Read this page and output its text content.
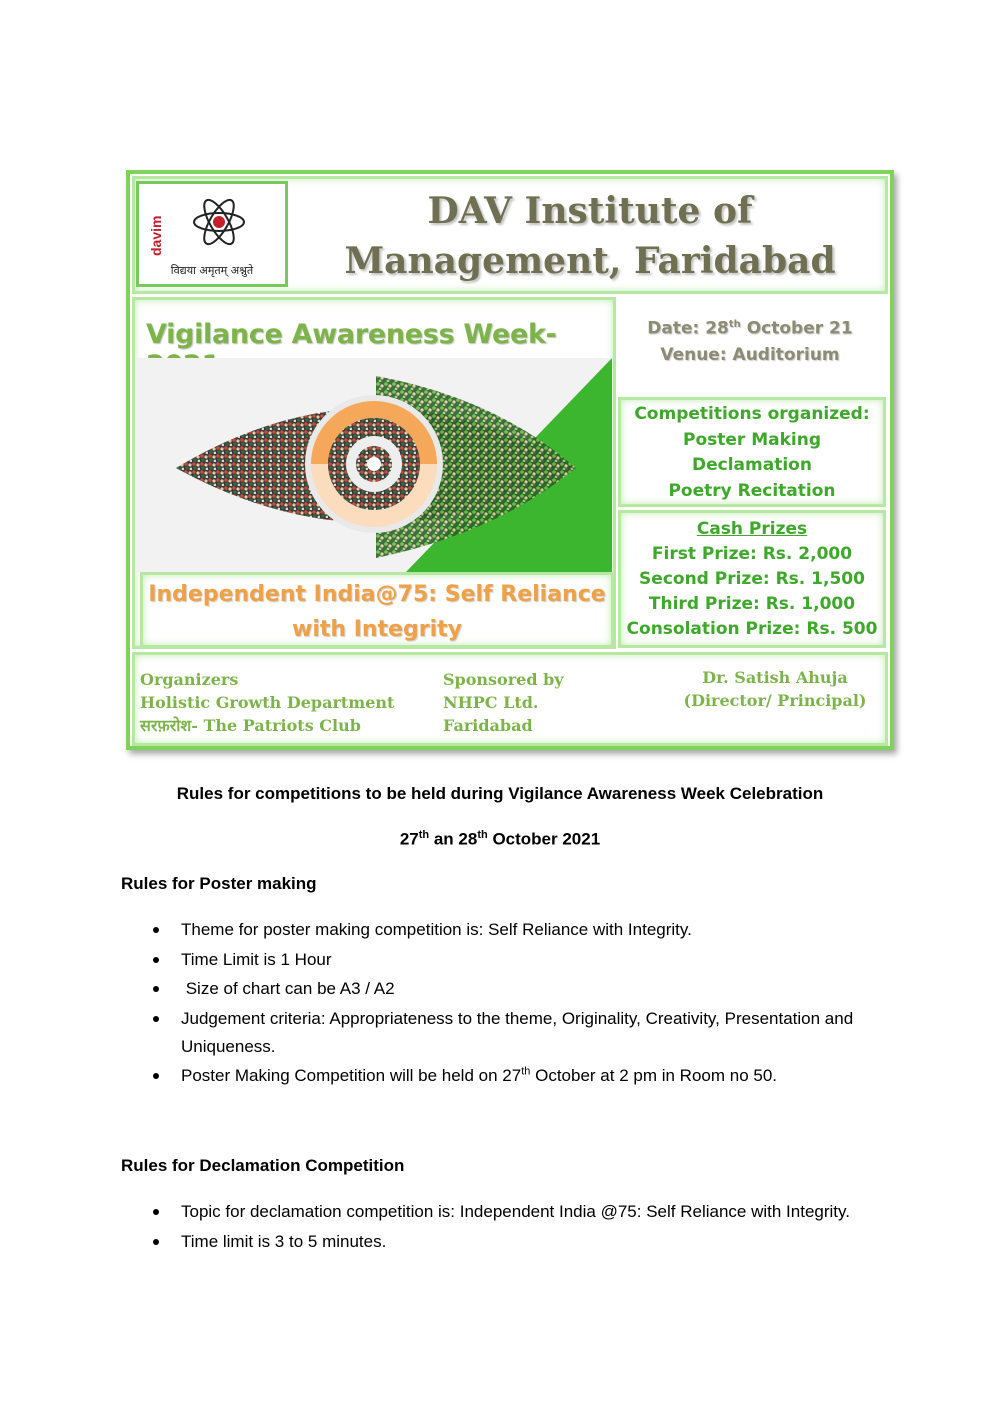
davim
विद्यया अमृतम् अश्नुते
DAV Institute of
Management, Faridabad
Vigilance Awareness Week-
Independent India@75: Self Reliance
with Integrity
Date: 28th October 21
Venue: Auditorium
Competitions organized:
Poster Making
Declamation
Poetry Recitation
Cash Prizes
First Prize: Rs. 2,000
Second Prize: Rs. 1,500
Third Prize: Rs. 1,000
Consolation Prize: Rs. 500
Organizers
Holistic Growth Department
सरफ़रोश- The Patriots Club
Sponsored by
NHPC Ltd.
Faridabad
Dr. Satish Ahuja
(Director/ Principal)
Rules for competitions to be held during Vigilance Awareness Week Celebration
27th an 28th October 2021
Rules for Poster making
Theme for poster making competition is: Self Reliance with Integrity.
Time Limit is 1 Hour
Size of chart can be A3 / A2
Judgement criteria: Appropriateness to the theme, Originality, Creativity, Presentation and Uniqueness.
Poster Making Competition will be held on 27th October at 2 pm in Room no 50.
Rules for Declamation Competition
Topic for declamation competition is: Independent India @75: Self Reliance with Integrity.
Time limit is 3 to 5 minutes.
